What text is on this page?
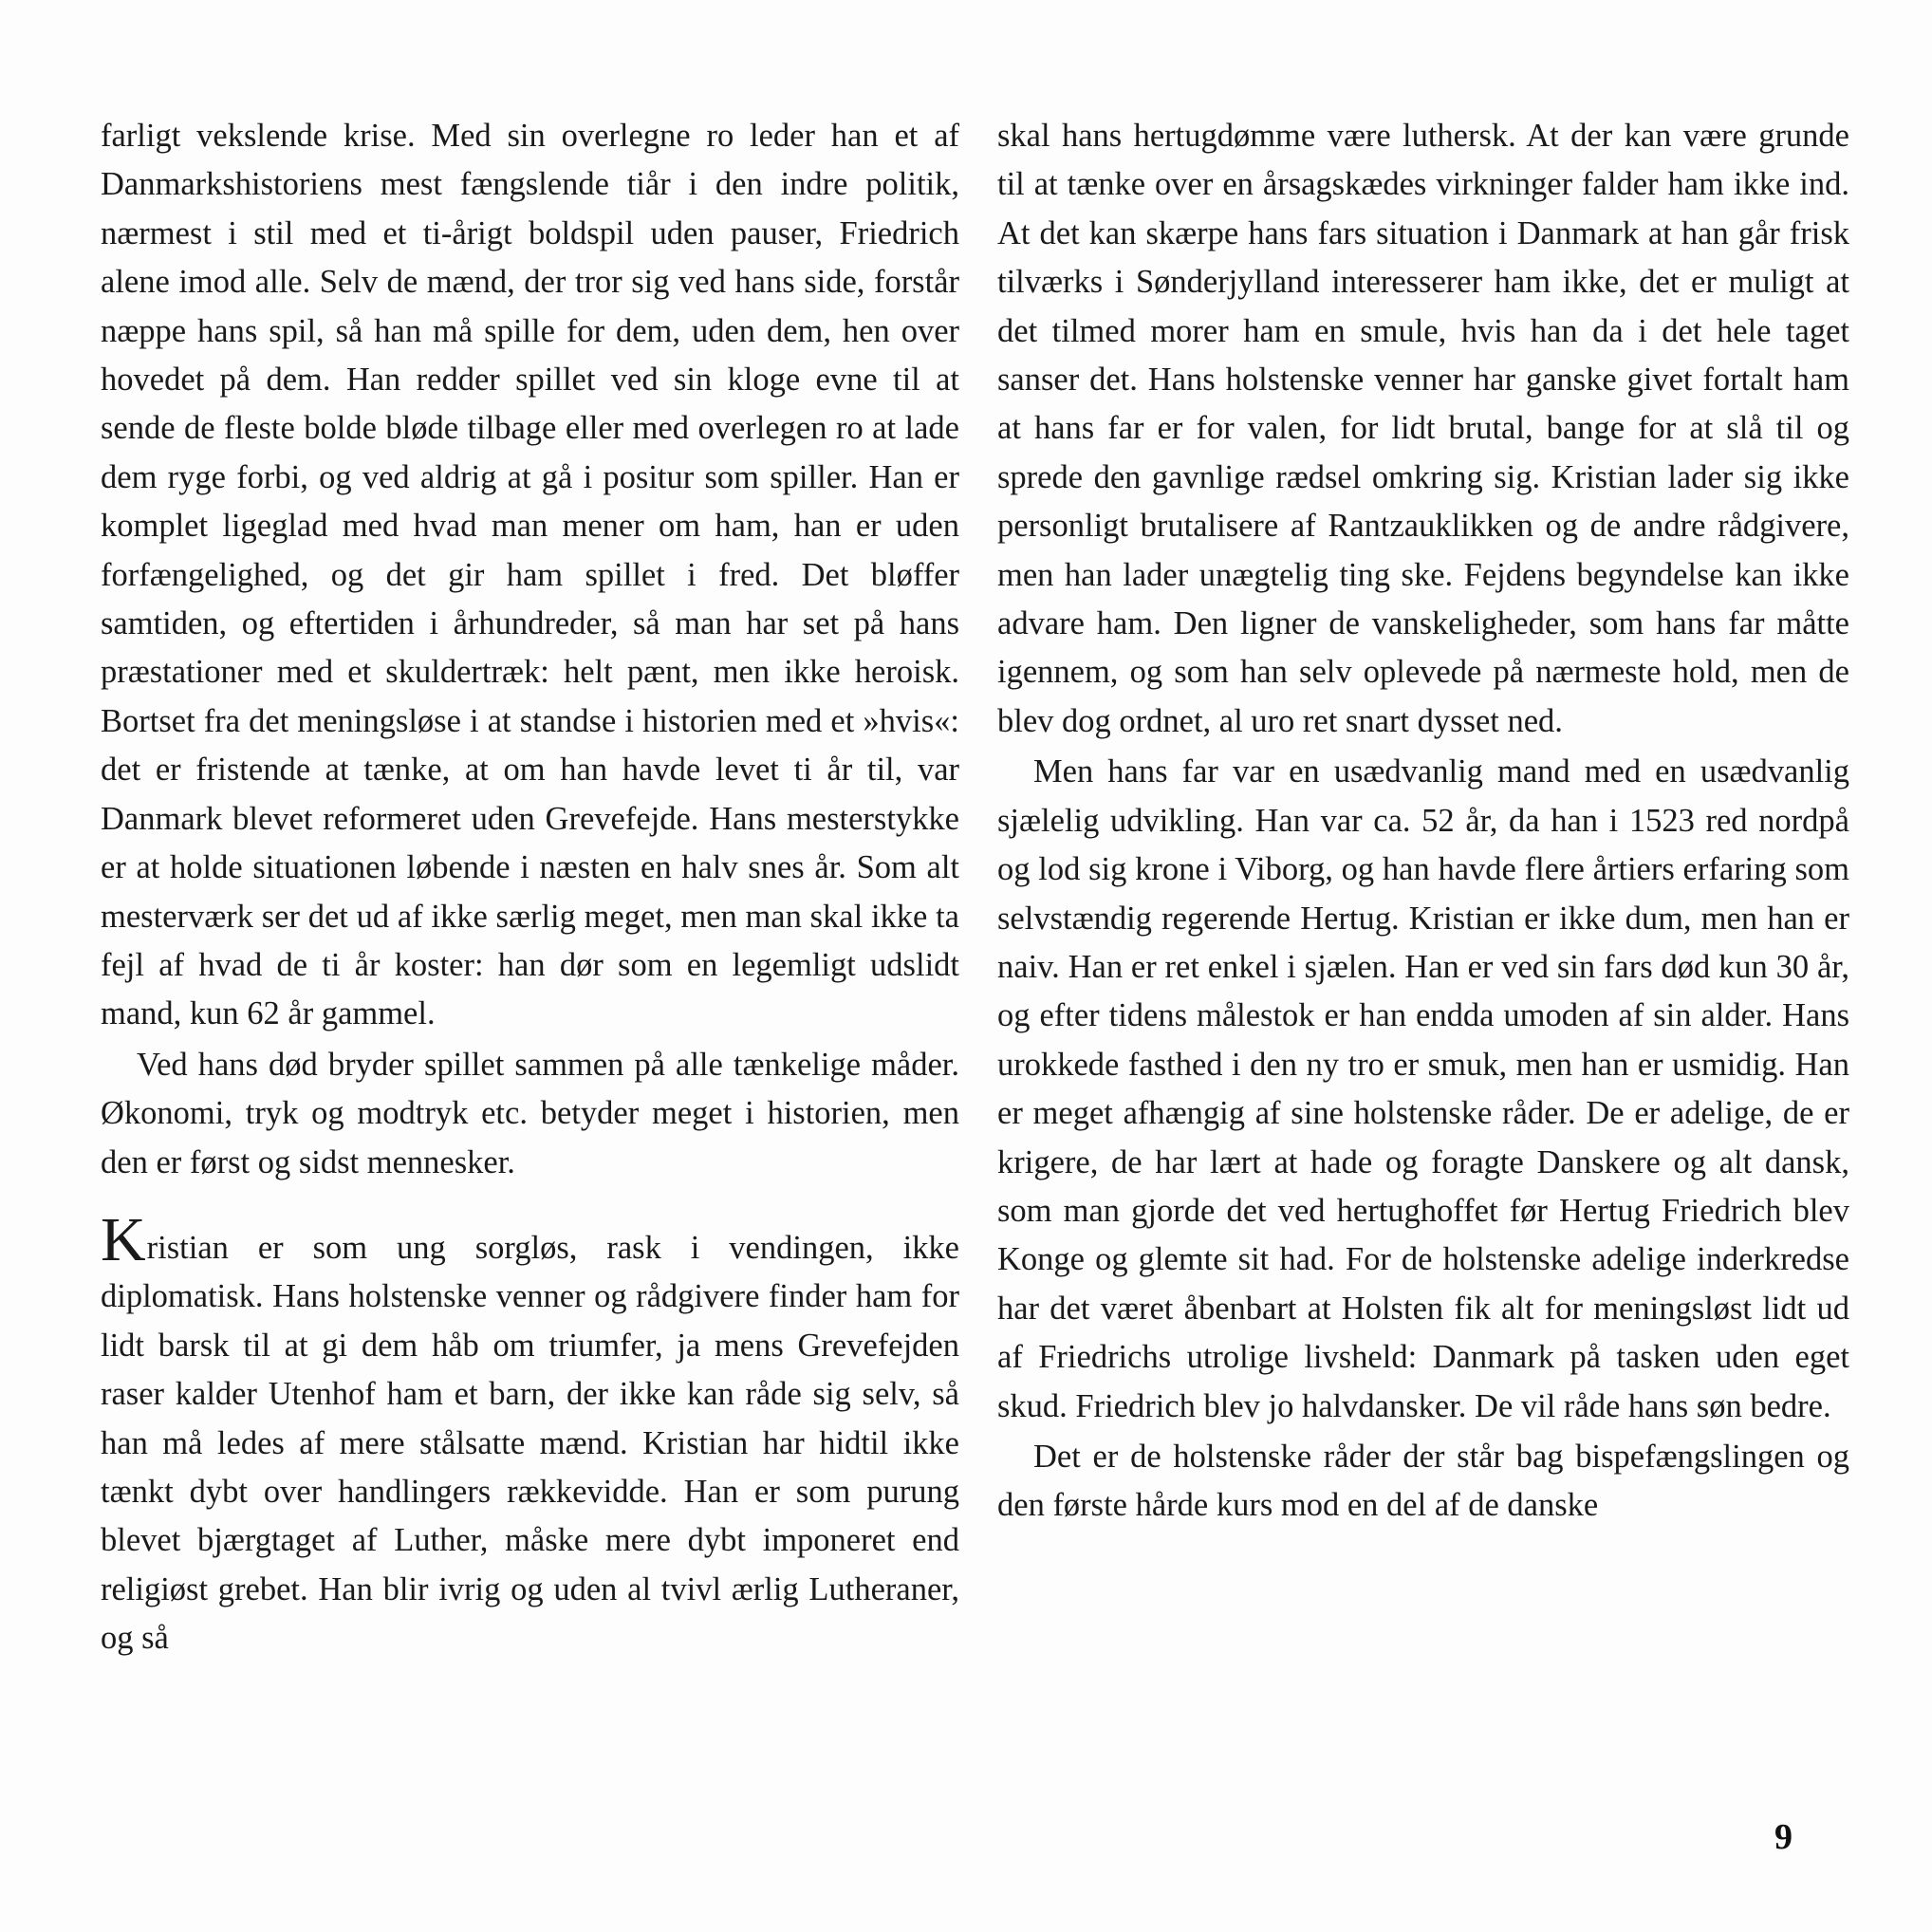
farligt vekslende krise. Med sin overlegne ro leder han et af Danmarkshistoriens mest fængslende tiår i den indre politik, nærmest i stil med et ti-årigt boldspil uden pauser, Friedrich alene imod alle. Selv de mænd, der tror sig ved hans side, forstår næppe hans spil, så han må spille for dem, uden dem, hen over hovedet på dem. Han redder spillet ved sin kloge evne til at sende de fleste bolde bløde tilbage eller med overlegen ro at lade dem ryge forbi, og ved aldrig at gå i positur som spiller. Han er komplet ligeglad med hvad man mener om ham, han er uden forfængelighed, og det gir ham spillet i fred. Det bløffer samtiden, og eftertiden i århundreder, så man har set på hans præstationer med et skuldertræk: helt pænt, men ikke heroisk. Bortset fra det meningsløse i at standse i historien med et »hvis«: det er fristende at tænke, at om han havde levet ti år til, var Danmark blevet reformeret uden Grevefejde. Hans mesterstykke er at holde situationen løbende i næsten en halv snes år. Som alt mesterværk ser det ud af ikke særlig meget, men man skal ikke ta fejl af hvad de ti år koster: han dør som en legemligt udslidt mand, kun 62 år gammel.

Ved hans død bryder spillet sammen på alle tænkelige måder. Økonomi, tryk og modtryk etc. betyder meget i historien, men den er først og sidst mennesker.

Kristian er som ung sorgløs, rask i vendingen, ikke diplomatisk. Hans holstenske venner og rådgivere finder ham for lidt barsk til at gi dem håb om triumfer, ja mens Grevefejden raser kalder Utenhof ham et barn, der ikke kan råde sig selv, så han må ledes af mere stålsatte mænd. Kristian har hidtil ikke tænkt dybt over handlingers rækkevidde. Han er som purung blevet bjærgtaget af Luther, måske mere dybt imponeret end religiøst grebet. Han blir ivrig og uden al tvivl ærlig Lutheraner, og så

skal hans hertugdømme være luthersk. At der kan være grunde til at tænke over en årsagskædes virkninger falder ham ikke ind. At det kan skærpe hans fars situation i Danmark at han går frisk tilværks i Sønderjylland interesserer ham ikke, det er muligt at det tilmed morer ham en smule, hvis han da i det hele taget sanser det. Hans holstenske venner har ganske givet fortalt ham at hans far er for valen, for lidt brutal, bange for at slå til og sprede den gavnlige rædsel omkring sig. Kristian lader sig ikke personligt brutalisere af Rantzauklikken og de andre rådgivere, men han lader unægtelig ting ske. Fejdens begyndelse kan ikke advare ham. Den ligner de vanskeligheder, som hans far måtte igennem, og som han selv oplevede på nærmeste hold, men de blev dog ordnet, al uro ret snart dysset ned.

Men hans far var en usædvanlig mand med en usædvanlig sjælelig udvikling. Han var ca. 52 år, da han i 1523 red nordpå og lod sig krone i Viborg, og han havde flere årtiers erfaring som selvstændig regerende Hertug. Kristian er ikke dum, men han er naiv. Han er ret enkel i sjælen. Han er ved sin fars død kun 30 år, og efter tidens målestok er han endda umoden af sin alder. Hans urokkede fasthed i den ny tro er smuk, men han er usmidig. Han er meget afhængig af sine holstenske råder. De er adelige, de er krigere, de har lært at hade og foragte Danskere og alt dansk, som man gjorde det ved hertughoffet før Hertug Friedrich blev Konge og glemte sit had. For de holstenske adelige inderkredse har det været åbenbart at Holsten fik alt for meningsløst lidt ud af Friedrichs utrolige livsheld: Danmark på tasken uden eget skud. Friedrich blev jo halvdansker. De vil råde hans søn bedre.

Det er de holstenske råder der står bag bispefængslingen og den første hårde kurs mod en del af de danske

9
